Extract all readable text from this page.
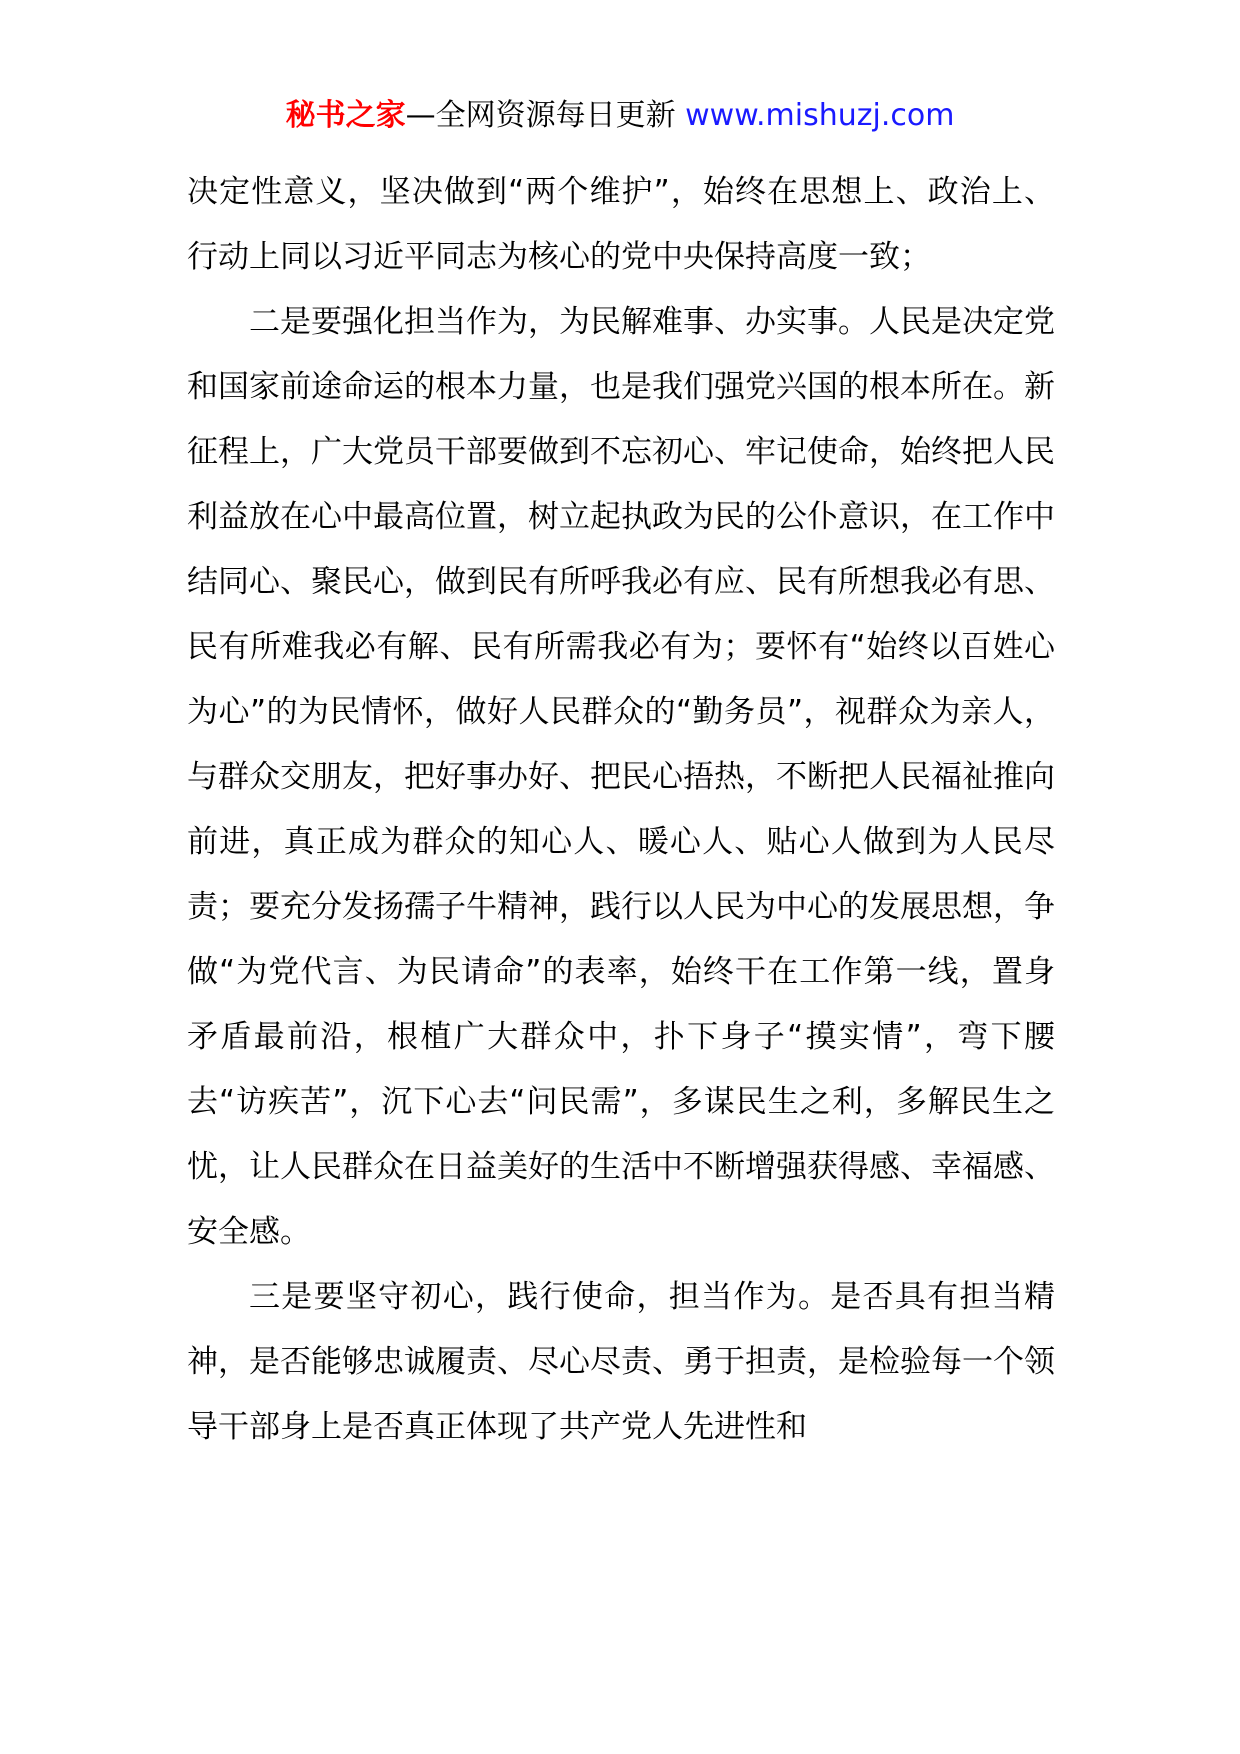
秘书之家—全网资源每日更新 www.mishuzj.com

决定性意义，坚决做到“两个维护”，始终在思想上、政治上、行动上同以习近平同志为核心的党中央保持高度一致；

二是要强化担当作为，为民解难事、办实事。人民是决定党和国家前途命运的根本力量，也是我们强党兴国的根本所在。新征程上，广大党员干部要做到不忘初心、牢记使命，始终把人民利益放在心中最高位置，树立起执政为民的公仆意识，在工作中结同心、聚民心，做到民有所呼我必有应、民有所想我必有思、民有所难我必有解、民有所需我必有为；要怀有“始终以百姓心为心”的为民情怀，做好人民群众的“勤务员”，视群众为亲人，与群众交朋友，把好事办好、把民心捂热，不断把人民福祉推向前进，真正成为群众的知心人、暖心人、贴心人做到为人民尽责；要充分发扬孺子牛精神，践行以人民为中心的发展思想，争做“为党代言、为民请命”的表率，始终干在工作第一线，置身矛盾最前沿，根植广大群众中，扑下身子“摸实情”，弯下腰去“访疾苦”，沉下心去“问民需”，多谋民生之利，多解民生之忧，让人民群众在日益美好的生活中不断增强获得感、幸福感、安全感。

三是要坚守初心，践行使命，担当作为。是否具有担当精神，是否能够忠诚履责、尽心尽责、勇于担责，是检验每一个领导干部身上是否真正体现了共产党人先进性和
